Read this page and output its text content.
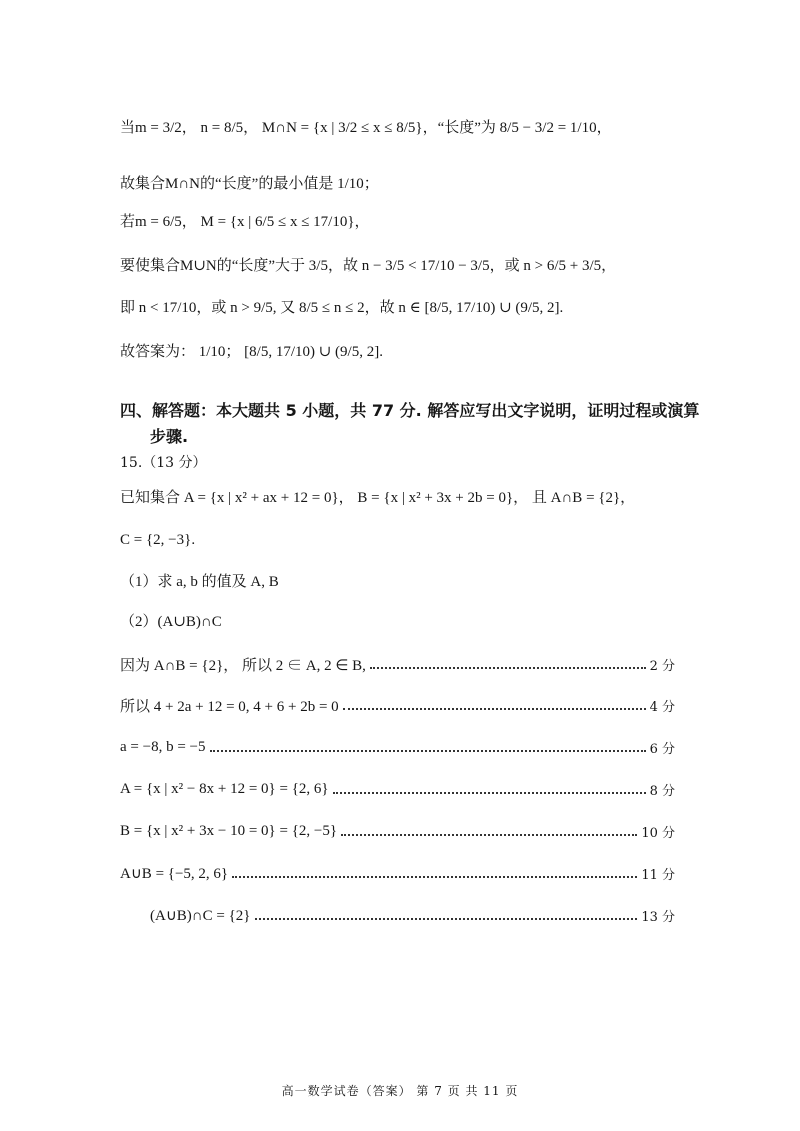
当m = 3/2， n = 8/5， M∩N = {x | 3/2 ≤ x ≤ 8/5}，“长度”为 8/5 − 3/2 = 1/10，
故集合M∩N的“长度”的最小值是 1/10；
若m = 6/5， M = {x | 6/5 ≤ x ≤ 17/10}，
要使集合M∪N的“长度”大于 3/5，故 n − 3/5 < 17/10 − 3/5，或 n > 6/5 + 3/5，
即 n < 17/10，或 n > 9/5, 又 8/5 ≤ n ≤ 2，故 n ∈ [8/5, 17/10) ∪ (9/5, 2].
故答案为： 1/10； [8/5, 17/10) ∪ (9/5, 2].
四、解答题：本大题共 5 小题，共 77 分. 解答应写出文字说明，证明过程或演算
步骤.
15.（13 分）
已知集合 A = {x | x² + ax + 12 = 0}， B = {x | x² + 3x + 2b = 0}， 且 A∩B = {2}，
C = {2, −3}.
（1）求 a, b 的值及 A, B
（2）(A∪B)∩C
因为 A∩B = {2}， 所以 2 ∈ A, 2 ∈ B,	2 分
所以 4 + 2a + 12 = 0, 4 + 6 + 2b = 0	4 分
a = −8, b = −5	6 分
A = {x | x² − 8x + 12 = 0} = {2, 6}	8 分
B = {x | x² + 3x − 10 = 0} = {2, −5}	10 分
A∪B = {−5, 2, 6}	11 分
(A∪B)∩C = {2}	13 分
高一数学试卷（答案） 第 7 页 共 11 页
